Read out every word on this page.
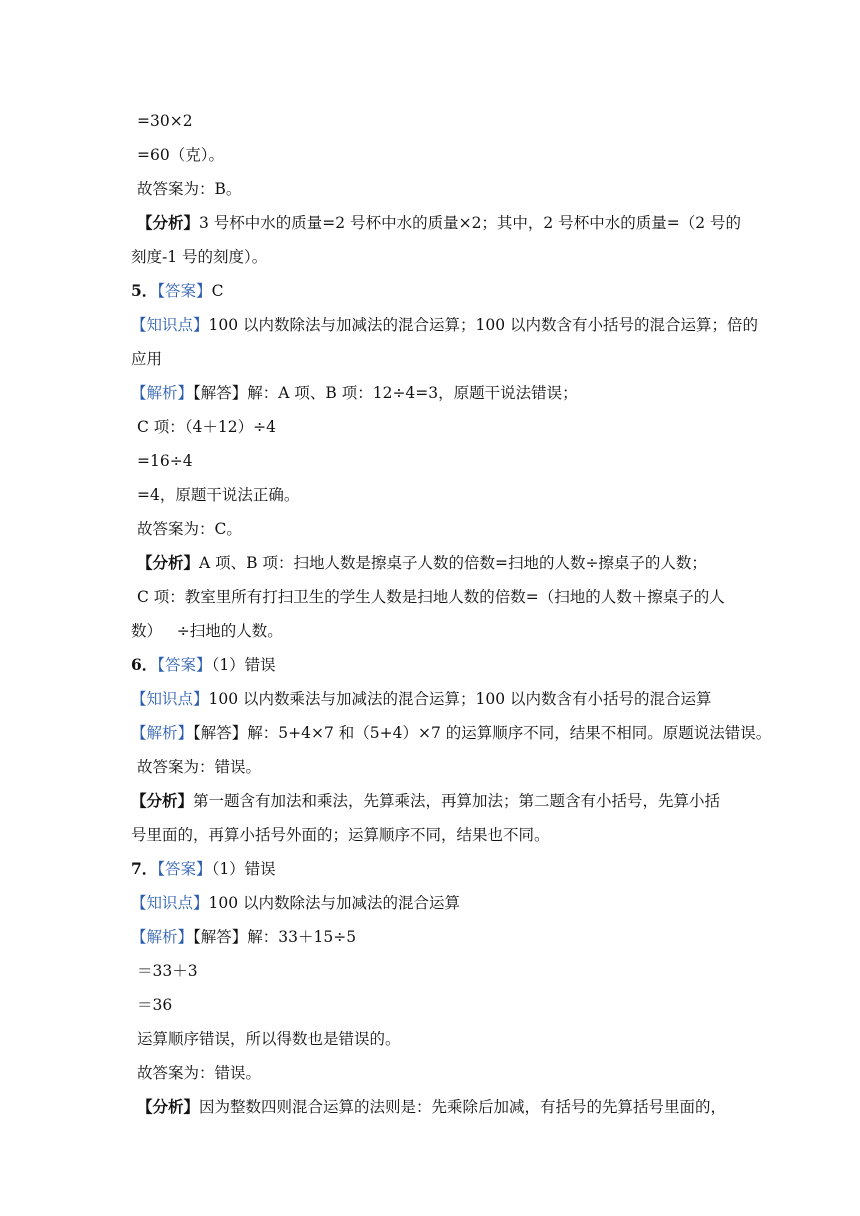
=30×2
=60（克）。
故答案为：B。
【分析】3 号杯中水的质量=2 号杯中水的质量×2；其中，2 号杯中水的质量=（2 号的
刻度-1 号的刻度）。
5．【答案】C
【知识点】100 以内数除法与加减法的混合运算；100 以内数含有小括号的混合运算；倍的
应用
【解析】【解答】解：A 项、B 项：12÷4=3，原题干说法错误；
C 项：（4＋12）÷4
=16÷4
=4，原题干说法正确。
故答案为：C。
【分析】A 项、B 项：扫地人数是擦桌子人数的倍数=扫地的人数÷擦桌子的人数；
C 项：教室里所有打扫卫生的学生人数是扫地人数的倍数=（扫地的人数＋擦桌子的人
数）   ÷扫地的人数。
6．【答案】（1）错误
【知识点】100 以内数乘法与加减法的混合运算；100 以内数含有小括号的混合运算
【解析】【解答】解：5+4×7 和（5+4）×7 的运算顺序不同，结果不相同。原题说法错误。
故答案为：错误。
【分析】第一题含有加法和乘法，先算乘法，再算加法；第二题含有小括号，先算小括
号里面的，再算小括号外面的；运算顺序不同，结果也不同。
7．【答案】（1）错误
【知识点】100 以内数除法与加减法的混合运算
【解析】【解答】解：33＋15÷5
＝33＋3
＝36
运算顺序错误，所以得数也是错误的。
故答案为：错误。
【分析】因为整数四则混合运算的法则是：先乘除后加减，有括号的先算括号里面的，
